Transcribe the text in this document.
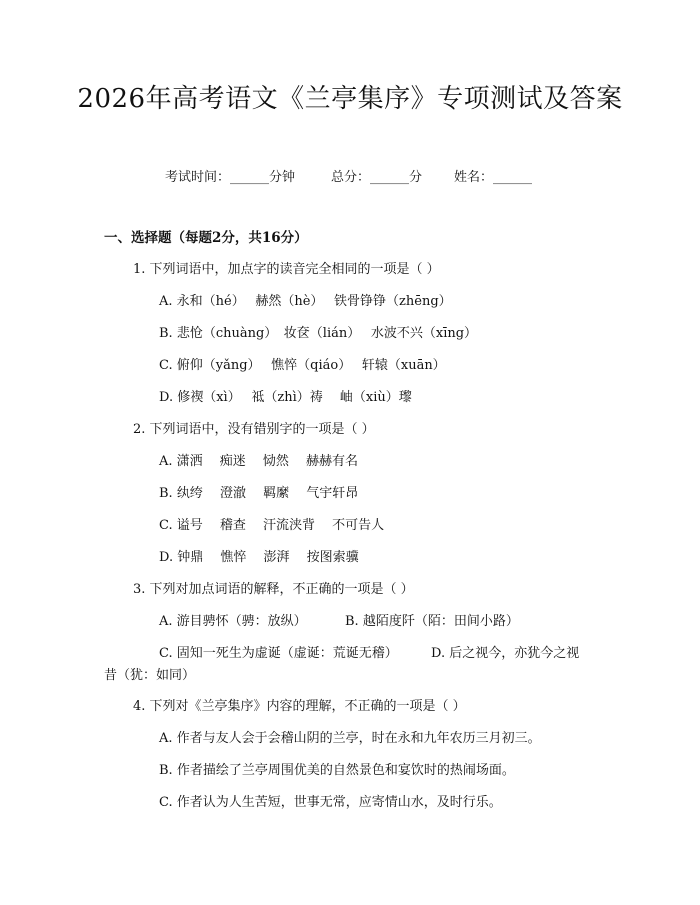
2026年高考语文《兰亭集序》专项测试及答案
考试时间：______分钟	总分：______分 姓名：______
一、选择题（每题2分，共16分）
1. 下列词语中，加点字的读音完全相同的一项是（ ）
A. 永和（hé）　 赫然（hè）　 铁骨铮铮（zhēng）
B. 悲怆（chuàng）　妆奁（lián）　 水波不兴（xīng）
C. 俯仰（yǎng）　 憔悴（qiáo）　 轩辕（xuān）
D. 修禊（xì）　 祗（zhì）祷　 岫（xiù）瓈
2. 下列词语中，没有错别字的一项是（ ）
A. 潇洒　 痴迷　 恸然　 赫赫有名
B. 纨绔　 澄澈　 羁縻　 气宇轩昂
C. 谥号　 稽查　 汗流浃背　 不可告人
D. 钟鼎　 憔悴　 澎湃　 按图索骥
3. 下列对加点词语的解释，不正确的一项是（ ）
A. 游目骋怀（骋：放纵）	B. 越陌度阡（陌：田间小路）
C. 固知一死生为虚诞（虚诞：荒诞无稽）	D. 后之视今，亦犹今之视
昔（犹：如同）
4. 下列对《兰亭集序》内容的理解，不正确的一项是（ ）
A. 作者与友人会于会稽山阴的兰亭，时在永和九年农历三月初三。
B. 作者描绘了兰亭周围优美的自然景色和宴饮时的热闹场面。
C. 作者认为人生苦短，世事无常，应寄情山水，及时行乐。
